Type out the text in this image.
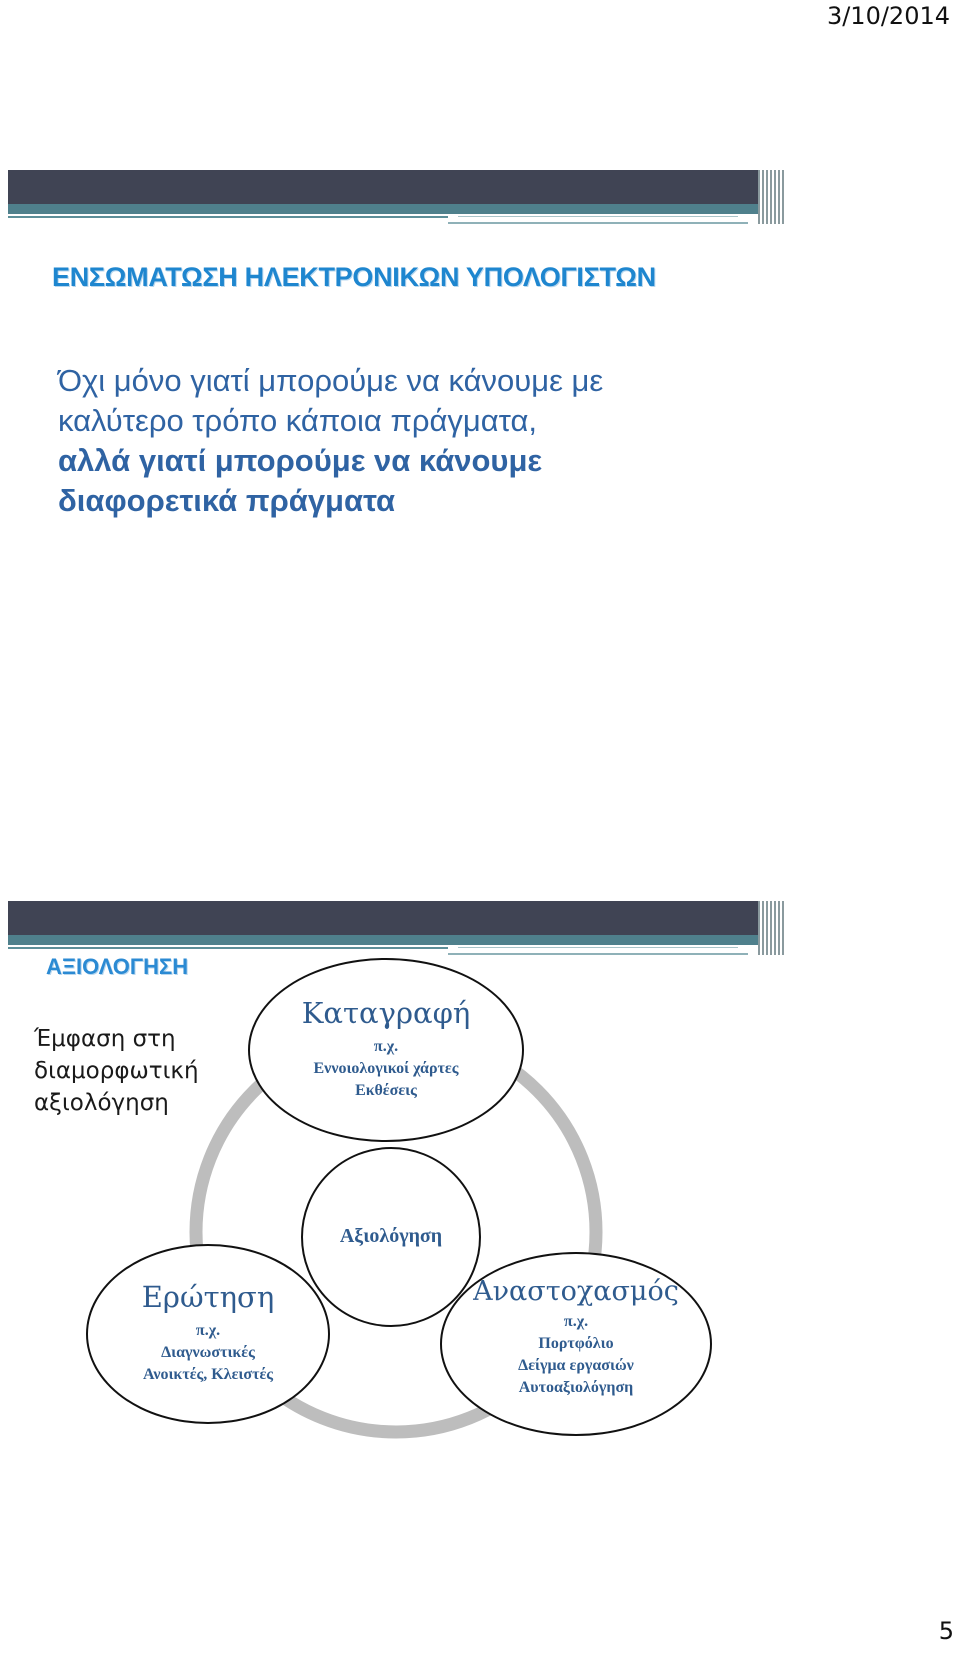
3/10/2014
ΕΝΣΩΜΑΤΩΣΗ ΗΛΕΚΤΡΟΝΙΚΩΝ ΥΠΟΛΟΓΙΣΤΩΝ
Όχι μόνο γιατί μπορούμε να κάνουμε με
καλύτερο τρόπο κάποια πράγματα,
αλλά γιατί μπορούμε να κάνουμε
διαφορετικά πράγματα
ΑΞΙΟΛΟΓΗΣΗ
Έμφαση στη
διαμορφωτική
αξιολόγηση
Αξιολόγηση
Καταγραφή
π.χ.
Εννοιολογικοί χάρτες
Εκθέσεις
Ερώτηση
π.χ.
Διαγνωστικές
Ανοικτές, Κλειστές
Αναστοχασμός
π.χ.
Πορτφόλιο
Δείγμα εργασιών
Αυτοαξιολόγηση
5
